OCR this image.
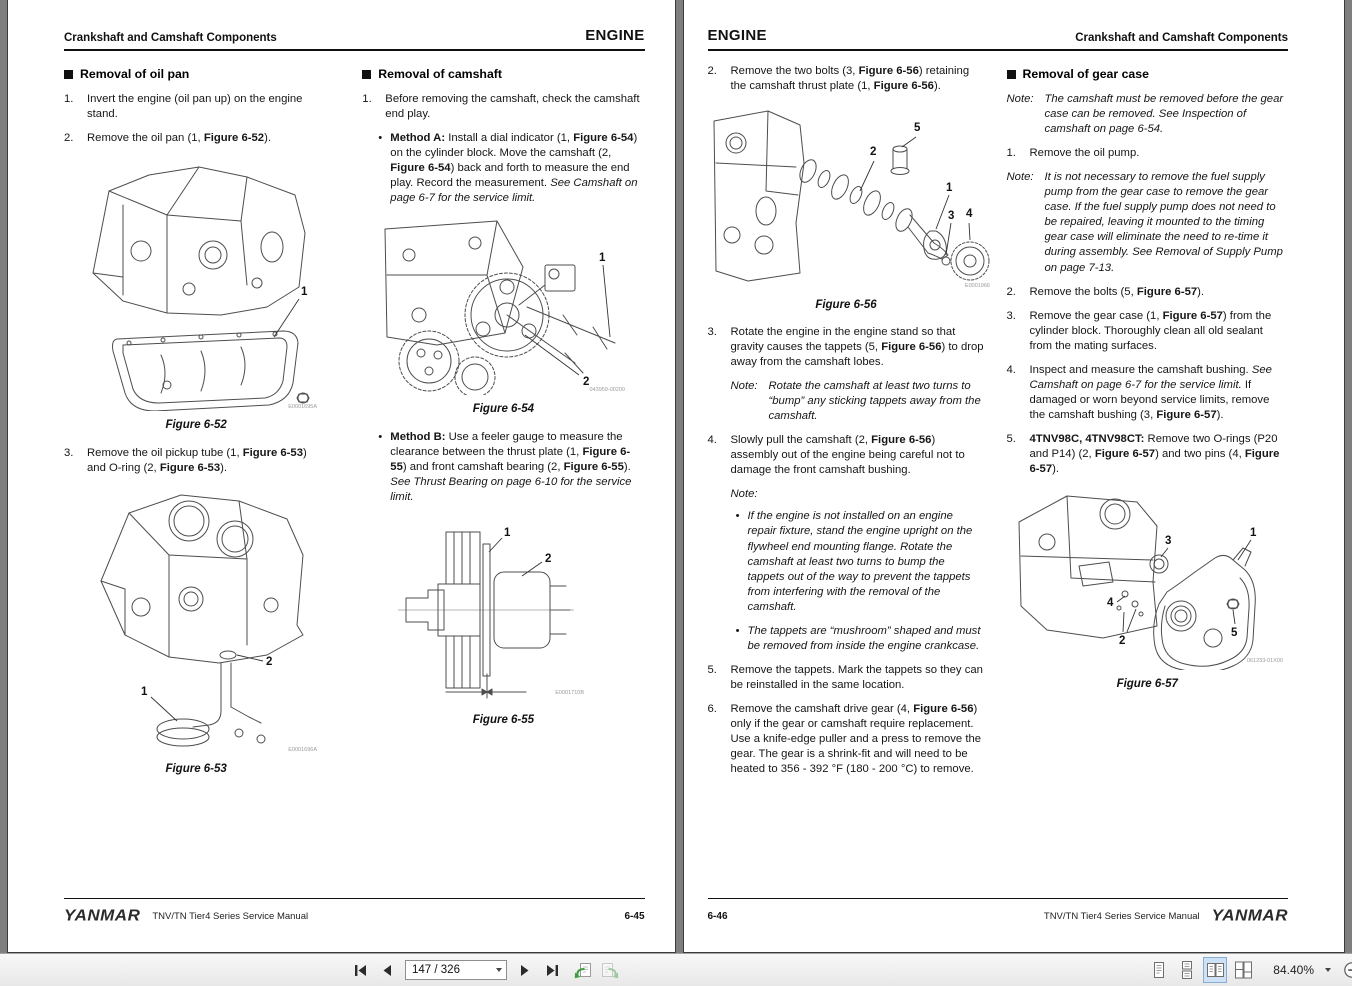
Crankshaft and Camshaft Components	ENGINE
Removal of oil pan
1.	Invert the engine (oil pan up) on the engine stand.
2.	Remove the oil pan (1, Figure 6-52).
1
E0001695A
Figure 6-52
3.	Remove the oil pickup tube (1, Figure 6-53) and O-ring (2, Figure 6-53).
1
2
E0001696A
Figure 6-53
Removal of camshaft
1.	Before removing the camshaft, check the camshaft end play.
• Method A: Install a dial indicator (1, Figure 6-54) on the cylinder block. Move the camshaft (2, Figure 6-54) back and forth to measure the end play. Record the measurement. See Camshaft on page 6-7 for the service limit.
1
2
043959-00200
Figure 6-54
• Method B: Use a feeler gauge to measure the clearance between the thrust plate (1, Figure 6-55) and front camshaft bearing (2, Figure 6-55). See Thrust Bearing on page 6-10 for the service limit.
1
2
E0001710B
Figure 6-55
YANMAR TNV/TN Tier4 Series Service Manual	6-45
ENGINE	Crankshaft and Camshaft Components
2.	Remove the two bolts (3, Figure 6-56) retaining the camshaft thrust plate (1, Figure 6-56).
2
5
1
3 4
E0001966
Figure 6-56
3.	Rotate the engine in the engine stand so that gravity causes the tappets (5, Figure 6-56) to drop away from the camshaft lobes.
Note: Rotate the camshaft at least two turns to “bump” any sticking tappets away from the camshaft.
4.	Slowly pull the camshaft (2, Figure 6-56) assembly out of the engine being careful not to damage the front camshaft bushing.
Note:
• If the engine is not installed on an engine repair fixture, stand the engine upright on the flywheel end mounting flange. Rotate the camshaft at least two turns to bump the tappets out of the way to prevent the tappets from interfering with the removal of the camshaft.
• The tappets are “mushroom” shaped and must be removed from inside the engine crankcase.
5.	Remove the tappets. Mark the tappets so they can be reinstalled in the same location.
6.	Remove the camshaft drive gear (4, Figure 6-56) only if the gear or camshaft require replacement. Use a knife-edge puller and a press to remove the gear. The gear is a shrink-fit and will need to be heated to 356 - 392 °F (180 - 200 °C) to remove.
Removal of gear case
Note: The camshaft must be removed before the gear case can be removed. See Inspection of camshaft on page 6-54.
1.	Remove the oil pump.
Note: It is not necessary to remove the fuel supply pump from the gear case to remove the gear case. If the fuel supply pump does not need to be repaired, leaving it mounted to the timing gear case will eliminate the need to re-time it during assembly. See Removal of Supply Pump on page 7-13.
2.	Remove the bolts (5, Figure 6-57).
3.	Remove the gear case (1, Figure 6-57) from the cylinder block. Thoroughly clean all old sealant from the mating surfaces.
4.	Inspect and measure the camshaft bushing. See Camshaft on page 6-7 for the service limit. If damaged or worn beyond service limits, remove the camshaft bushing (3, Figure 6-57).
5.	4TNV98C, 4TNV98CT: Remove two O-rings (P20 and P14) (2, Figure 6-57) and two pins (4, Figure 6-57).
3
1
4
2
5
061233-01X00
Figure 6-57
6-46	TNV/TN Tier4 Series Service Manual YANMAR
147 / 326
84.40%
